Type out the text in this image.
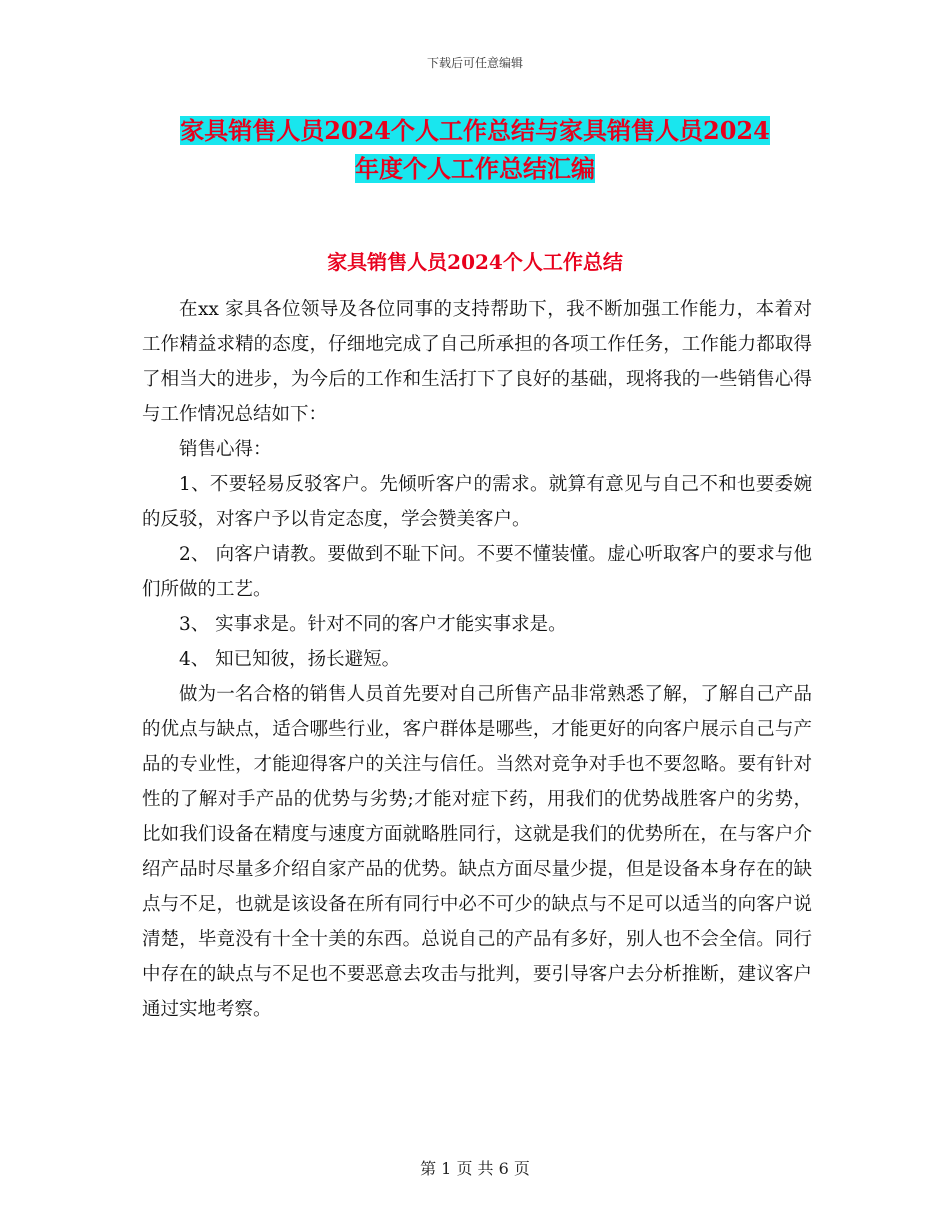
下载后可任意编辑
家具销售人员2024个人工作总结与家具销售人员2024
年度个人工作总结汇编
家具销售人员2024个人工作总结

在xx 家具各位领导及各位同事的支持帮助下，我不断加强工作能力，本着对工作精益求精的态度，仔细地完成了自己所承担的各项工作任务，工作能力都取得了相当大的进步，为今后的工作和生活打下了良好的基础，现将我的一些销售心得与工作情况总结如下：

销售心得：

1、不要轻易反驳客户。先倾听客户的需求。就算有意见与自己不和也要委婉的反驳，对客户予以肯定态度，学会赞美客户。

2、 向客户请教。要做到不耻下问。不要不懂装懂。虚心听取客户的要求与他们所做的工艺。

3、 实事求是。针对不同的客户才能实事求是。

4、 知已知彼，扬长避短。

做为一名合格的销售人员首先要对自己所售产品非常熟悉了解，了解自己产品的优点与缺点，适合哪些行业，客户群体是哪些，才能更好的向客户展示自己与产品的专业性，才能迎得客户的关注与信任。当然对竞争对手也不要忽略。要有针对性的了解对手产品的优势与劣势;才能对症下药，用我们的优势战胜客户的劣势，比如我们设备在精度与速度方面就略胜同行，这就是我们的优势所在，在与客户介绍产品时尽量多介绍自家产品的优势。缺点方面尽量少提，但是设备本身存在的缺点与不足，也就是该设备在所有同行中必不可少的缺点与不足可以适当的向客户说清楚，毕竟没有十全十美的东西。总说自己的产品有多好，别人也不会全信。同行中存在的缺点与不足也不要恶意去攻击与批判，要引导客户去分析推断，建议客户通过实地考察。

第 1 页 共 6 页
